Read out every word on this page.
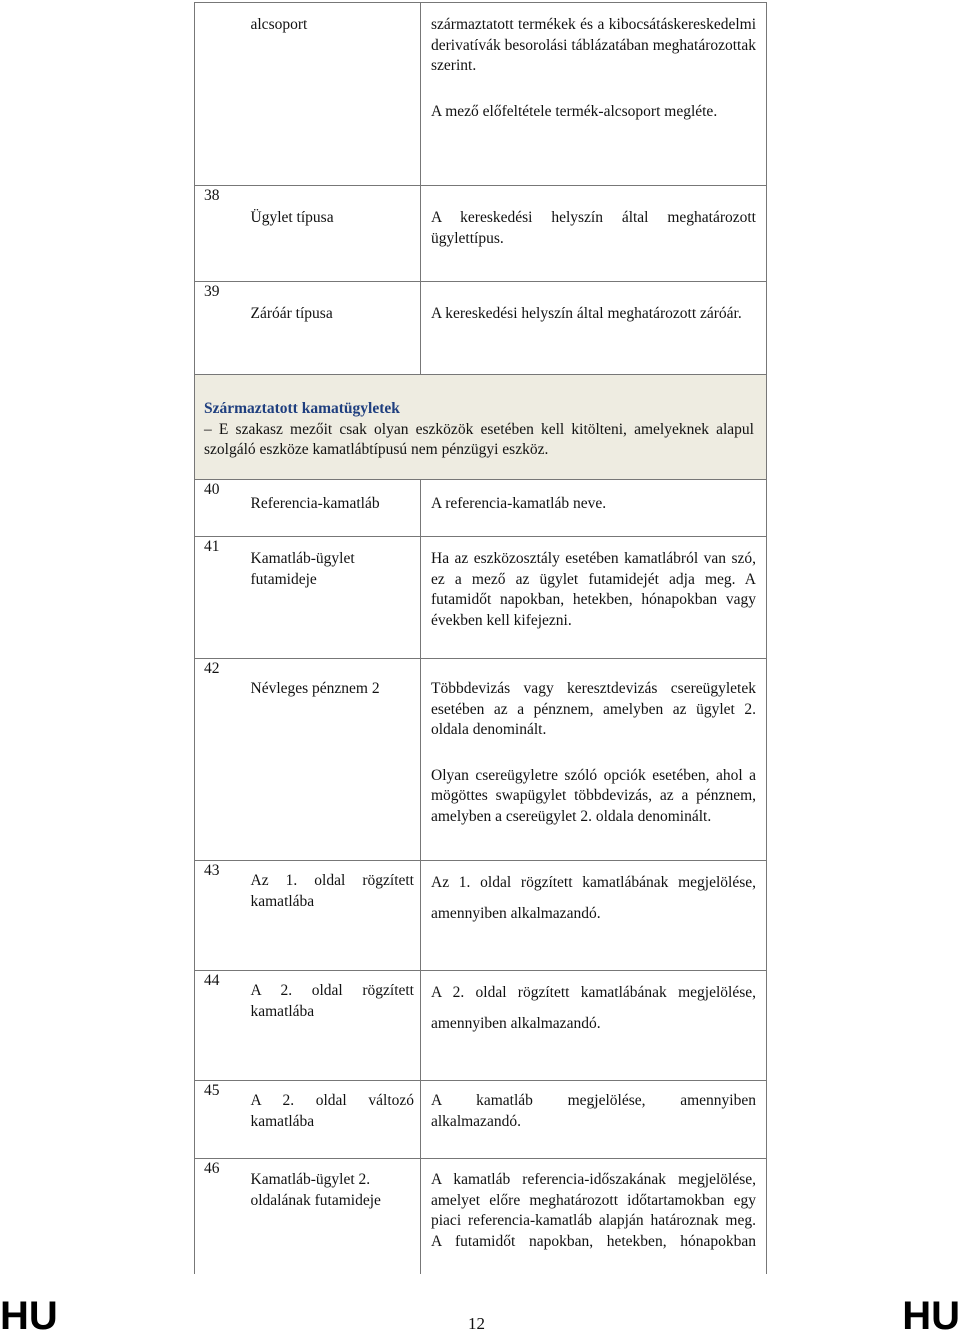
	alcsoport	származtatott termékek és a kibocsátáskereskedelmi derivatívák besorolási táblázatában meghatározottak szerint.

A mező előfeltétele termék-alcsoport megléte.

38	Ügylet típusa	A kereskedési helyszín által meghatározott ügylettípus.

39	Záróár típusa	A kereskedési helyszín által meghatározott záróár.

Származtatott kamatügyletek

– E szakasz mezőit csak olyan eszközök esetében kell kitölteni, amelyeknek alapul szolgáló eszköze kamatlábtípusú nem pénzügyi eszköz.		

40	Referencia-kamatláb	A referencia-kamatláb neve.

41	Kamatláb-ügylet futamideje	Ha az eszközosztály esetében kamatlábról van szó, ez a mező az ügylet futamidejét adja meg. A futamidőt napokban, hetekben, hónapokban vagy években kell kifejezni.

42	Névleges pénznem 2	Többdevizás vagy keresztdevizás csereügyletek esetében az a pénznem, amelyben az ügylet 2. oldala denominált.

Olyan csereügyletre szóló opciók esetében, ahol a mögöttes swapügylet többdevizás, az a pénznem, amelyben a csereügylet 2. oldala denominált.

43	Az 1. oldal rögzített kamatlába	Az 1. oldal rögzített kamatlábának megjelölése, amennyiben alkalmazandó.

44	A 2. oldal rögzített kamatlába	A 2. oldal rögzített kamatlábának megjelölése, amennyiben alkalmazandó.

45	A 2. oldal változó kamatlába	A kamatláb megjelölése, amennyiben alkalmazandó.

46	Kamatláb-ügylet 2. oldalának futamideje	A kamatláb referencia-időszakának megjelölése, amelyet előre meghatározott időtartamokban egy piaci referencia-kamatláb alapján határoznak meg. A futamidőt napokban, hetekben, hónapokban

HU	12	HU
